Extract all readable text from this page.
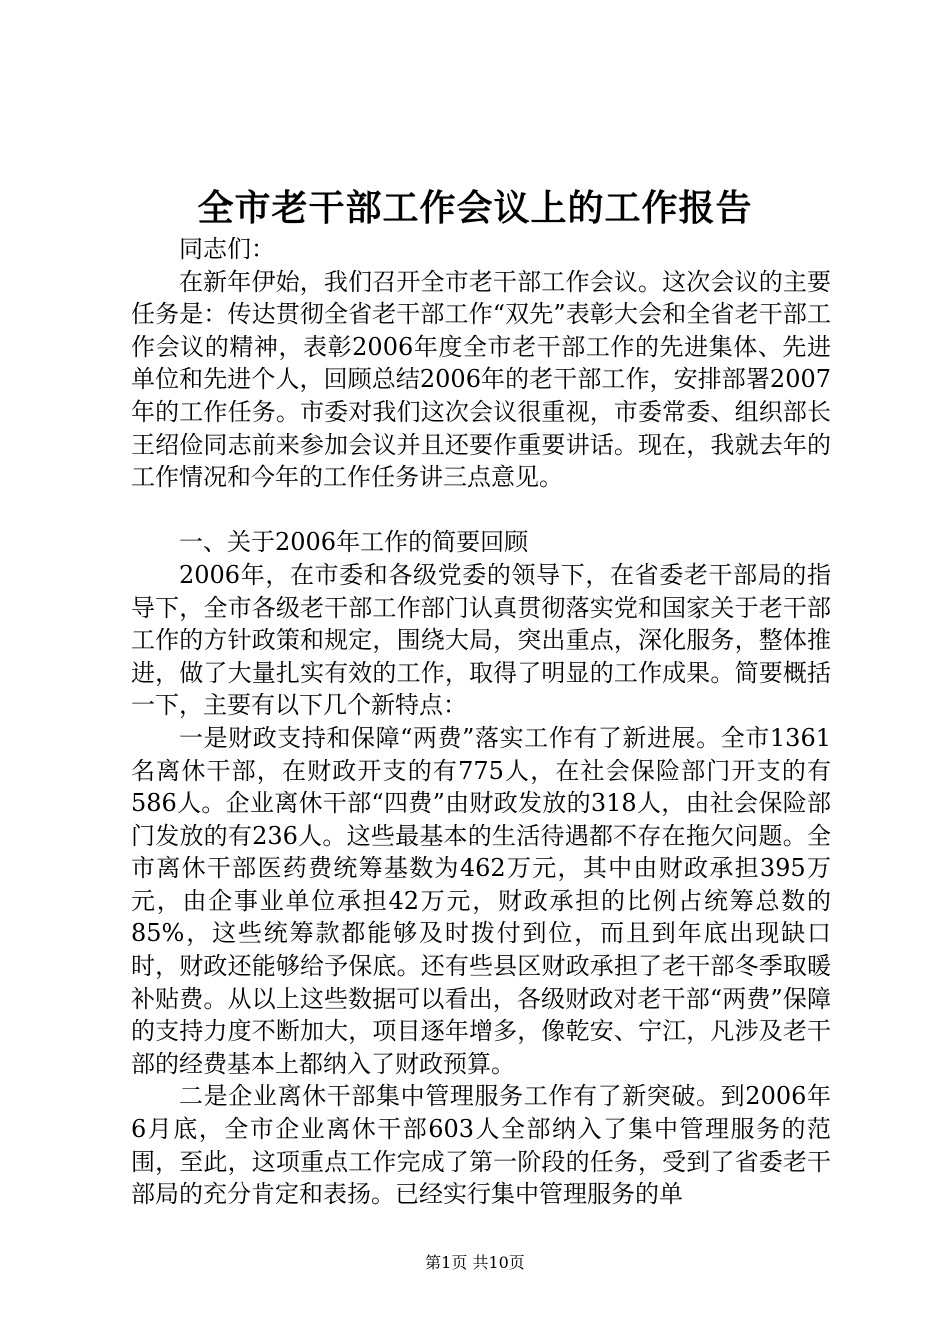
全市老干部工作会议上的工作报告

同志们：

在新年伊始，我们召开全市老干部工作会议。这次会议的主要任务是：传达贯彻全省老干部工作“双先”表彰大会和全省老干部工作会议的精神，表彰2006年度全市老干部工作的先进集体、先进单位和先进个人，回顾总结2006年的老干部工作，安排部署2007年的工作任务。市委对我们这次会议很重视，市委常委、组织部长王绍俭同志前来参加会议并且还要作重要讲话。现在，我就去年的工作情况和今年的工作任务讲三点意见。

一、关于2006年工作的简要回顾

2006年，在市委和各级党委的领导下，在省委老干部局的指导下，全市各级老干部工作部门认真贯彻落实党和国家关于老干部工作的方针政策和规定，围绕大局，突出重点，深化服务，整体推进，做了大量扎实有效的工作，取得了明显的工作成果。简要概括一下，主要有以下几个新特点：

一是财政支持和保障“两费”落实工作有了新进展。全市1361名离休干部，在财政开支的有775人，在社会保险部门开支的有586人。企业离休干部“四费”由财政发放的318人，由社会保险部门发放的有236人。这些最基本的生活待遇都不存在拖欠问题。全市离休干部医药费统筹基数为462万元，其中由财政承担395万元，由企事业单位承担42万元，财政承担的比例占统筹总数的85%，这些统筹款都能够及时拨付到位，而且到年底出现缺口时，财政还能够给予保底。还有些县区财政承担了老干部冬季取暖补贴费。从以上这些数据可以看出，各级财政对老干部“两费”保障的支持力度不断加大，项目逐年增多，像乾安、宁江，凡涉及老干部的经费基本上都纳入了财政预算。

二是企业离休干部集中管理服务工作有了新突破。到2006年6月底，全市企业离休干部603人全部纳入了集中管理服务的范围，至此，这项重点工作完成了第一阶段的任务，受到了省委老干部局的充分肯定和表扬。已经实行集中管理服务的单

第1页 共10页
